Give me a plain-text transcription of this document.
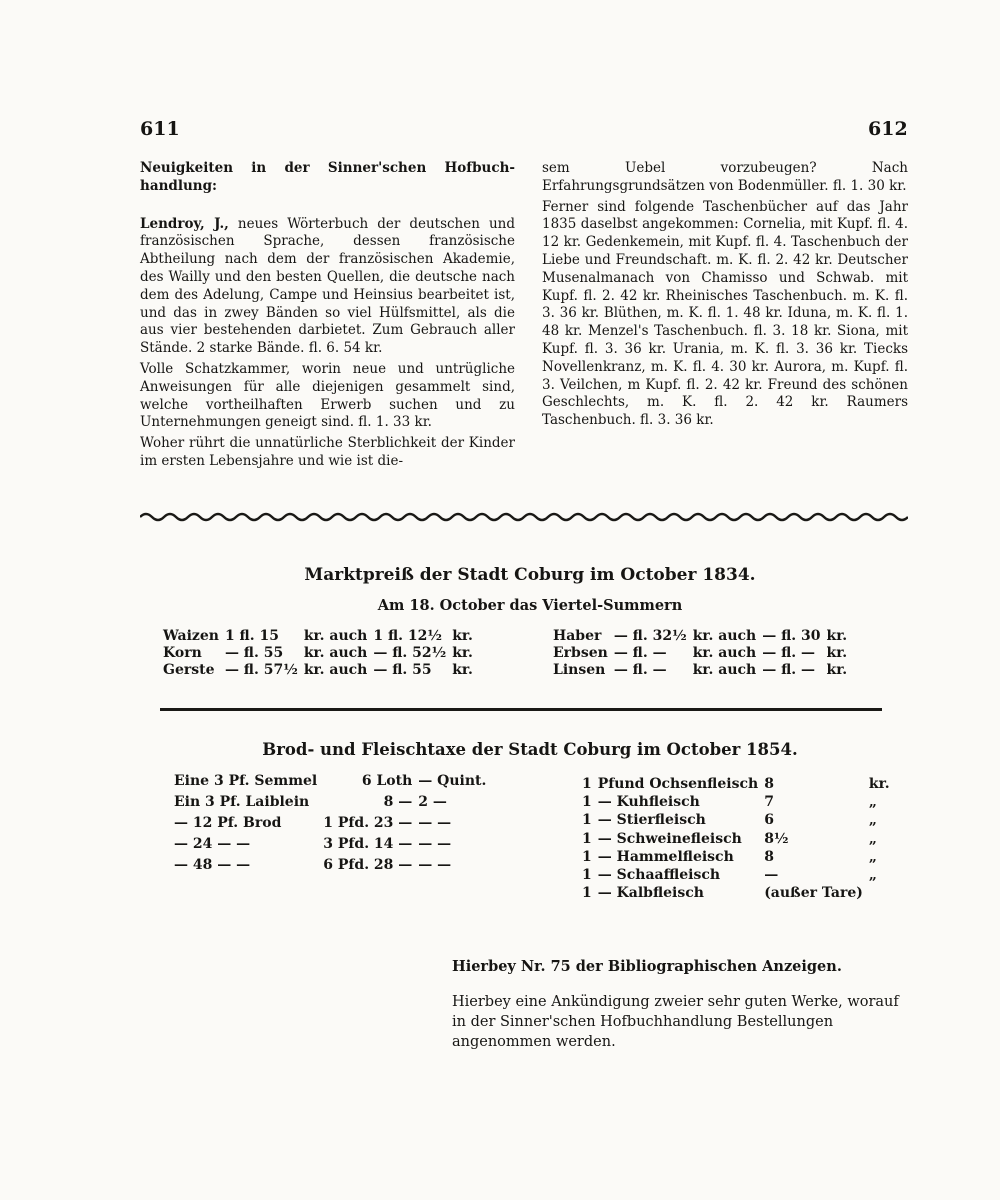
611	612

Neuigkeiten in der Sinner'schen Hofbuch-handlung:

Lendroy, J., neues Wörterbuch der deutschen und französischen Sprache, dessen französische Abtheilung nach dem der französischen Akademie, des Wailly und den besten Quellen, die deutsche nach dem des Adelung, Campe und Heinsius bearbeitet ist, und das in zwey Bänden so viel Hülfsmittel, als die aus vier bestehenden darbietet. Zum Gebrauch aller Stände. 2 starke Bände. fl. 6. 54 kr.

Volle Schatzkammer, worin neue und untrügliche Anweisungen für alle diejenigen gesammelt sind, welche vortheilhaften Erwerb suchen und zu Unternehmungen geneigt sind. fl. 1. 33 kr.

Woher rührt die unnatürliche Sterblichkeit der Kinder im ersten Lebensjahre und wie ist die-

sem Uebel vorzubeugen? Nach Erfahrungsgrundsätzen von Bodenmüller. fl. 1. 30 kr.

Ferner sind folgende Taschenbücher auf das Jahr 1835 daselbst angekommen: Cornelia, mit Kupf. fl. 4. 12 kr. Gedenkemein, mit Kupf. fl. 4. Taschenbuch der Liebe und Freundschaft. m. K. fl. 2. 42 kr. Deutscher Musenalmanach von Chamisso und Schwab. mit Kupf. fl. 2. 42 kr. Rheinisches Taschenbuch. m. K. fl. 3. 36 kr. Blüthen, m. K. fl. 1. 48 kr. Iduna, m. K. fl. 1. 48 kr. Menzel's Taschenbuch. fl. 3. 18 kr. Siona, mit Kupf. fl. 3. 36 kr. Urania, m. K. fl. 3. 36 kr. Tiecks Novellenkranz, m. K. fl. 4. 30 kr. Aurora, m. Kupf. fl. 3. Veilchen, m Kupf. fl. 2. 42 kr. Freund des schönen Geschlechts, m. K. fl. 2. 42 kr. Raumers Taschenbuch. fl. 3. 36 kr.

Marktpreiß der Stadt Coburg im October 1834.
Am 18. October das Viertel-Summern
Waizen	1 fl. 15	kr. auch	1 fl. 12½	kr.
Korn	— fl. 55	kr. auch	— fl. 52½	kr.
Gerste	— fl. 57½	kr. auch	— fl. 55	kr.
Haber	— fl. 32½	kr. auch	— fl. 30	kr.
Erbsen	— fl. —	kr. auch	— fl. —	kr.
Linsen	— fl. —	kr. auch	— fl. —	kr.
Brod- und Fleischtaxe der Stadt Coburg im October 1854.
Eine 3 Pf. Semmel	6 Loth	— Quint.
Ein 3 Pf. Laiblein	8 —	2 —
— 12 Pf. Brod	1 Pfd. 23 —	— —
— 24 — —	3 Pfd. 14 —	— —
— 48 — —	6 Pfd. 28 —	— —
1	Pfund Ochsenfleisch	8	kr.
1	— Kuhfleisch	7	„
1	— Stierfleisch	6	„
1	— Schweinefleisch	8½	„
1	— Hammelfleisch	8	„
1	— Schaaffleisch	—	„
1	— Kalbfleisch	(außer Tare)	
Hierbey Nr. 75 der Bibliographischen Anzeigen.
Hierbey eine Ankündigung zweier sehr guten Werke, worauf in der Sinner'schen Hofbuchhandlung Bestellungen angenommen werden.
